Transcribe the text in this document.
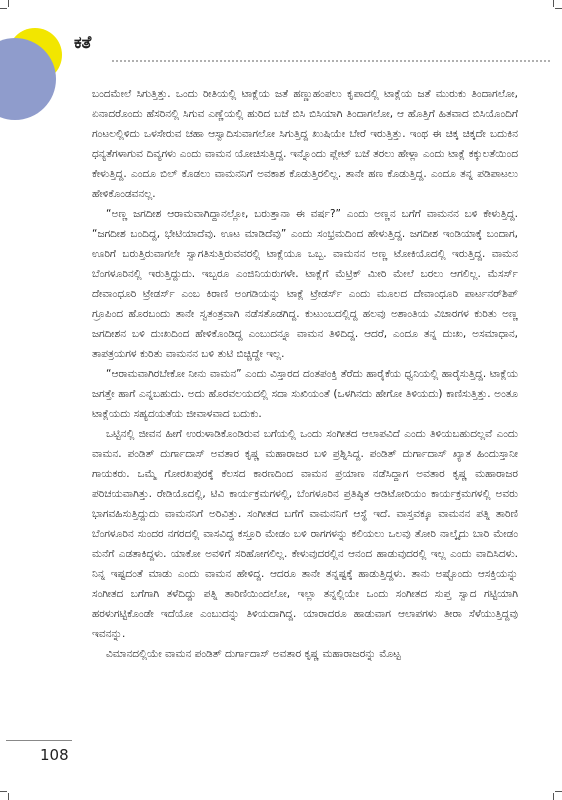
ಕತೆ

ಬಂದಮೇಲೆ ಸಿಗುತ್ತಿತ್ತು. ಒಂದು ರೀತಿಯಲ್ಲಿ ಟಾಕ್ಲೆಯ ಜತೆ ಹಣ್ಣುಹಂಪಲು ಕೃಪಾದಲ್ಲಿ ಟಾಕ್ಲೆಯ ಜತೆ ಮುರುಕು ತಿಂದಾಗಲೋ, ಏನಾದರೊಂದು ಹೆಸರಿನಲ್ಲಿ ಸಿಗುವ ಎಣ್ಣೆಯಲ್ಲಿ ಹುರಿದ ಬಜೆ ಬಿಸಿ ಬಿಸಿಯಾಗಿ ತಿಂದಾಗಲೋ, ಆ ಹೊತ್ತಿಗೆ ಹಿತವಾದ ಬಿಸಿಯೊಂದಿಗೆ ಗಂಟಲಲ್ಲಿಳಿದು ಒಳಸೇರುವ ಚಹಾ ಆಸ್ವಾದಿಸುವಾಗಲೋ ಸಿಗುತ್ತಿದ್ದ ಖುಷಿಯೇ ಬೇರೆ ಇರುತ್ತಿತ್ತು. ಇಂಥ ಈ ಚಿಕ್ಕ ಚಿಕ್ಕದೇ ಬದುಕಿನ ಧನ್ಯತೆಗಳಾಗುವ ದಿವ್ಯಗಳು ಎಂದು ವಾಮನ ಯೋಚಿಸುತ್ತಿದ್ದ. ಇನ್ನೊಂದು ಪ್ಲೇಟ್ ಬಜೆ ತರಲು ಹೇಳ್ಲಾ ಎಂದು ಟಾಕ್ಲೆ ಕಕ್ಕುಲತೆಯಿಂದ ಕೇಳುತ್ತಿದ್ದ. ಎಂದೂ ಬಿಲ್ ಕೊಡಲು ವಾಮನನಿಗೆ ಅವಕಾಶ ಕೊಡುತ್ತಿರಲಿಲ್ಲ. ತಾನೇ ಹಣ ಕೊಡುತ್ತಿದ್ದ. ಎಂದೂ ತನ್ನ ಪಡಿಪಾಟಲು ಹೇಳಿಕೊಂಡವನಲ್ಲ.

“ಅಣ್ಣ ಜಗದೀಶ ಆರಾಮವಾಗಿದ್ದಾನಲ್ಲೋ, ಬರುತ್ತಾನಾ ಈ ವರ್ಷ?” ಎಂದು ಅಣ್ಣನ ಬಗೆಗೆ ವಾಮನನ ಬಳಿ ಕೇಳುತ್ತಿದ್ದ. “ಜಗದೀಶ ಬಂದಿದ್ದ, ಭೇಟಿಯಾದೆವು. ಊಟ ಮಾಡಿದೆವು” ಎಂದು ಸಂಭ್ರಮದಿಂದ ಹೇಳುತ್ತಿದ್ದ. ಜಗದೀಶ ಇಂಡಿಯಾಕ್ಕೆ ಬಂದಾಗ, ಊರಿಗೆ ಬರುತ್ತಿರುವಾಗಲೇ ಸ್ವಾಗತಿಸುತ್ತಿರುವವರಲ್ಲಿ ಟಾಕ್ಲೆಯೂ ಒಬ್ಬ. ವಾಮನನ ಅಣ್ಣ ಟೋಕಿಯೊದಲ್ಲಿ ಇರುತ್ತಿದ್ದ. ವಾಮನ ಬೆಂಗಳೂರಿನಲ್ಲಿ ಇರುತ್ತಿದ್ದುದು. ಇಬ್ಬರೂ ಎಂಜಿನಿಯರುಗಳೇ. ಟಾಕ್ಲೆಗೆ ಮೆಟ್ರಿಕ್ ಮೀರಿ ಮೇಲೆ ಬರಲು ಆಗಲಿಲ್ಲ. ಮೆಸರ್ಸ್ ದೇವಾಂಧೂರಿ ಟ್ರೇಡರ್ಸ್ ಎಂಬ ಕಿರಾಣಿ ಅಂಗಡಿಯನ್ನು ಟಾಕ್ಲೆ ಟ್ರೇಡರ್ಸ್ ಎಂದು ಮೂಲದ ದೇವಾಂಧೂರಿ ಪಾರ್ಟನರ್‌ಶಿಪ್ ಗ್ರೂಪಿಂದ ಹೊರಬಂದು ತಾನೇ ಸ್ವತಂತ್ರವಾಗಿ ನಡೆಸತೊಡಗಿದ್ದ. ಕುಟುಂಬದಲ್ಲಿದ್ದ ಹಲವು ಅಶಾಂತಿಯ ವಿಚಾರಗಳ ಕುರಿತು ಅಣ್ಣ ಜಗದೀಶನ ಬಳಿ ದುಃಖದಿಂದ ಹೇಳಿಕೊಂಡಿದ್ದ ಎಂಬುದನ್ನೂ ವಾಮನ ತಿಳಿದಿದ್ದ. ಆದರೆ, ಎಂದೂ ತನ್ನ ದುಃಖ, ಅಸಮಾಧಾನ, ತಾಪತ್ರಯಗಳ ಕುರಿತು ವಾಮನನ ಬಳಿ ತುಟಿ ಬಿಚ್ಚಿದ್ದೇ ಇಲ್ಲ.

“ಆರಾಮವಾಗಿರಬೇಕೋ ನೀನು ವಾಮನ” ಎಂದು ವಿಸ್ತಾರದ ದಂತಪಂಕ್ತಿ ತೆರೆದು ಹಾರೈಕೆಯ ಧ್ವನಿಯಲ್ಲಿ ಹಾರೈಸುತ್ತಿದ್ದ. ಟಾಕ್ಲೆಯ ಜಗತ್ತೇ ಹಾಗೆ ಎನ್ನಬಹುದು. ಅದು ಹೊರವಲಯದಲ್ಲಿ ಸದಾ ಸುಖಿಯಂತೆ (ಒಳಗಿನದು ಹೇಗೋ ತಿಳಿಯದು) ಕಾಣಿಸುತ್ತಿತ್ತು. ಅಂತೂ ಟಾಕ್ಲೆಯದು ಸಹ್ಯದಯತೆಯ ಜೀವಾಳವಾದ ಬದುಕು.

ಒಟ್ಟಿನಲ್ಲಿ ಜೀವನ ಹೀಗೆ ಉರುಳಾಡಿಕೊಂಡಿರುವ ಬಗೆಯಲ್ಲಿ ಒಂದು ಸಂಗೀತದ ಆಲಾಪವಿದೆ ಎಂದು ತಿಳಿಯಬಹುದಲ್ಲವೆ ಎಂದು ವಾಮನ. ಪಂಡಿತ್ ದುರ್ಗಾದಾಸ್ ಅವತಾರ ಕೃಷ್ಣ ಮಹಾರಾಜರ ಬಳಿ ಪ್ರಶ್ನಿಸಿದ್ದ. ಪಂಡಿತ್ ದುರ್ಗಾದಾಸ್ ಖ್ಯಾತ ಹಿಂದುಸ್ತಾನೀ ಗಾಯಕರು. ಒಮ್ಮೆ ಗೋರಖಪುರಕ್ಕೆ ಕೆಲಸದ ಕಾರಣದಿಂದ ವಾಮನ ಪ್ರಯಾಣ ನಡೆಸಿದ್ದಾಗ ಅವತಾರ ಕೃಷ್ಣ ಮಹಾರಾಜರ ಪರಿಚಯವಾಗಿತ್ತು. ರೇಡಿಯೊದಲ್ಲಿ, ಟಿವಿ ಕಾರ್ಯಕ್ರಮಗಳಲ್ಲಿ, ಬೆಂಗಳೂರಿನ ಪ್ರತಿಷ್ಠಿತ ಆಡಿಟೋರಿಯಂ ಕಾರ್ಯಕ್ರಮಗಳಲ್ಲಿ ಅವರು ಭಾಗವಹಿಸುತ್ತಿದ್ದುದು ವಾಮನನಿಗೆ ಅರಿವಿತ್ತು. ಸಂಗೀತದ ಬಗೆಗೆ ವಾಮನನಿಗೆ ಆಸ್ಥೆ ಇದೆ. ವಾಸ್ತವಕ್ಕೂ ವಾಮನನ ಪತ್ನಿ ತಾರಿಣಿ ಬೆಂಗಳೂರಿನ ಸುಂದರ ನಗರದಲ್ಲಿ ವಾಸವಿದ್ದ ಕಸ್ತೂರಿ ಮೇಡಂ ಬಳಿ ರಾಗಗಳನ್ನು ಕಲಿಯಲು ಒಲವು ತೋರಿ ನಾಲ್ಕೈದು ಬಾರಿ ಮೇಡಂ ಮನೆಗೆ ಎಡತಾಕಿದ್ದಳು. ಯಾಕೋ ಅವಳಿಗೆ ಸರಿಹೋಗಲಿಲ್ಲ. ಕೇಳುವುದರಲ್ಲಿನ ಆನಂದ ಹಾಡುವುದರಲ್ಲಿ ಇಲ್ಲ ಎಂದು ವಾದಿಸಿದಳು. ನಿನ್ನ ಇಷ್ಟದಂತೆ ಮಾಡು ಎಂದು ವಾಮನ ಹೇಳಿದ್ದ. ಆದರೂ ತಾನೇ ತನ್ನಷ್ಟಕ್ಕೆ ಹಾಡುತ್ತಿದ್ದಳು. ತಾನು ಅಷ್ಟೊಂದು ಆಸಕ್ತಿಯನ್ನು ಸಂಗೀತದ ಬಗೆಗಾಗಿ ತಳೆದಿದ್ದು ಪತ್ನಿ ತಾರಿಣಿಯಿಂದಲೋ, ಇಲ್ಲಾ ತನ್ನಲ್ಲಿಯೇ ಒಂದು ಸಂಗೀತದ ಸುಪ್ತ ಸ್ವಾದ ಗಟ್ಟಿಯಾಗಿ ಹರಳುಗಟ್ಟಿಕೊಂಡೇ ಇದೆಯೋ ಎಂಬುದನ್ನು ತಿಳಿಯದಾಗಿದ್ದ. ಯಾರಾದರೂ ಹಾಡುವಾಗ ಆಲಾಪಗಳು ತೀರಾ ಸೆಳೆಯುತ್ತಿದ್ದವು ಇವನನ್ನು.

ವಿಮಾನದಲ್ಲಿಯೇ ವಾಮನ ಪಂಡಿತ್ ದುರ್ಗಾದಾಸ್ ಅವತಾರ ಕೃಷ್ಣ ಮಹಾರಾಜರನ್ನು ಮೊಟ್ಟ

108
